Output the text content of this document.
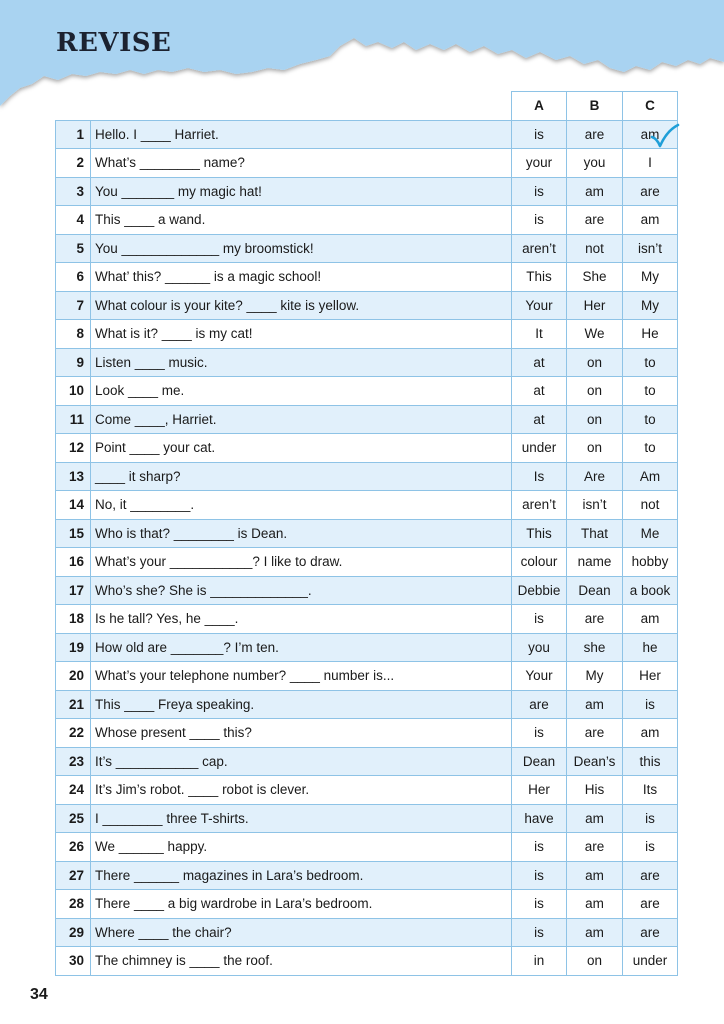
REVISE
		A	B	C
1	Hello. I ____ Harriet.	is	are	am
2	What’s ________ name?	your	you	I
3	You _______ my magic hat!	is	am	are
4	This ____ a wand.	is	are	am
5	You _____________ my broomstick!	aren’t	not	isn’t
6	What’ this? ______ is a magic school!	This	She	My
7	What colour is your kite? ____ kite is yellow.	Your	Her	My
8	What is it? ____ is my cat!	It	We	He
9	Listen ____ music.	at	on	to
10	Look ____ me.	at	on	to
11	Come ____, Harriet.	at	on	to
12	Point ____ your cat.	under	on	to
13	____ it sharp?	Is	Are	Am
14	No, it ________.	aren’t	isn’t	not
15	Who is that? ________ is Dean.	This	That	Me
16	What’s your ___________? I like to draw.	colour	name	hobby
17	Who’s she? She is _____________.	Debbie	Dean	a book
18	Is he tall? Yes, he ____.	is	are	am
19	How old are _______? I’m ten.	you	she	he
20	What’s your telephone number? ____ number is...	Your	My	Her
21	This ____ Freya speaking.	are	am	is
22	Whose present ____ this?	is	are	am
23	It’s ___________ cap.	Dean	Dean’s	this
24	It’s Jim’s robot. ____ robot is clever.	Her	His	Its
25	I ________ three T-shirts.	have	am	is
26	We ______ happy.	is	are	is
27	There ______ magazines in Lara’s bedroom.	is	am	are
28	There ____ a big wardrobe in Lara’s bedroom.	is	am	are
29	Where ____ the chair?	is	am	are
30	The chimney is ____ the roof.	in	on	under
34
